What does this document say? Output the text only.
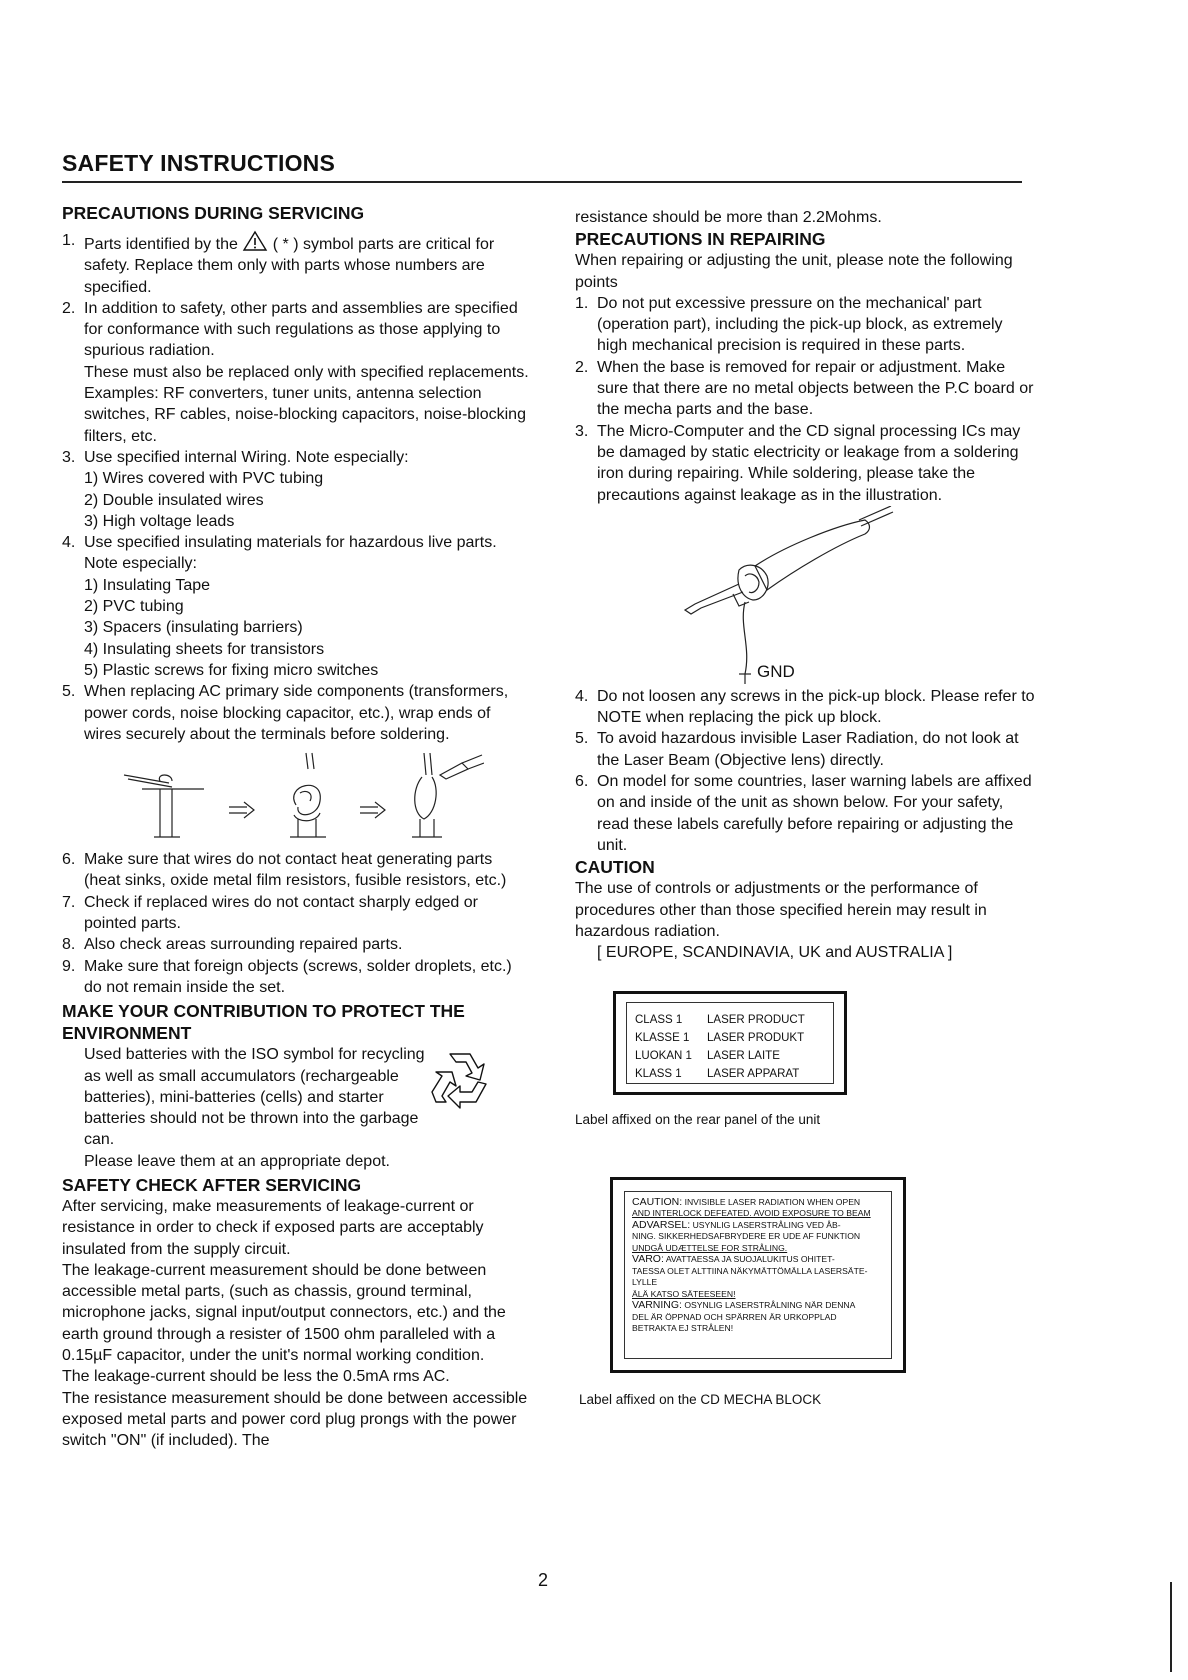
SAFETY INSTRUCTIONS
PRECAUTIONS DURING SERVICING
1. Parts identified by the ( * ) symbol parts are critical for safety. Replace them only with parts whose numbers are specified.
2. In addition to safety, other parts and assemblies are specified for conformance with such regulations as those applying to spurious radiation.
These must also be replaced only with specified replacements.
Examples: RF converters, tuner units, antenna selection switches, RF cables, noise-blocking capacitors, noise-blocking filters, etc.
3. Use specified internal Wiring. Note especially:
1) Wires covered with PVC tubing
2) Double insulated wires
3) High voltage leads
4. Use specified insulating materials for hazardous live parts. Note especially:
1) Insulating Tape
2) PVC tubing
3) Spacers (insulating barriers)
4) Insulating sheets for transistors
5) Plastic screws for fixing micro switches
5. When replacing AC primary side components (transformers, power cords, noise blocking capacitor, etc.), wrap ends of wires securely about the terminals before soldering.
6. Make sure that wires do not contact heat generating parts (heat sinks, oxide metal film resistors, fusible resistors, etc.)
7. Check if replaced wires do not contact sharply edged or pointed parts.
8. Also check areas surrounding repaired parts.
9. Make sure that foreign objects (screws, solder droplets, etc.) do not remain inside the set.
MAKE YOUR CONTRIBUTION TO PROTECT THE ENVIRONMENT
Used batteries with the ISO symbol for recycling as well as small accumulators (rechargeable batteries), mini-batteries (cells) and starter batteries should not be thrown into the garbage can.
Please leave them at an appropriate depot.
SAFETY CHECK AFTER SERVICING
After servicing, make measurements of leakage-current or resistance in order to check if exposed parts are acceptably insulated from the supply circuit.
The leakage-current measurement should be done between accessible metal parts, (such as chassis, ground terminal, microphone jacks, signal input/output connectors, etc.) and the earth ground through a resister of 1500 ohm paralleled with a 0.15µF capacitor, under the unit's normal working condition.
The leakage-current should be less the 0.5mA rms AC.
The resistance measurement should be done between accessible exposed metal parts and power cord plug prongs with the power switch "ON" (if included). The
resistance should be more than 2.2Mohms.
PRECAUTIONS IN REPAIRING
When repairing or adjusting the unit, please note the following points
1. Do not put excessive pressure on the mechanical' part (operation part), including the pick-up block, as extremely high mechanical precision is required in these parts.
2. When the base is removed for repair or adjustment. Make sure that there are no metal objects between the P.C board or the mecha parts and the base.
3. The Micro-Computer and the CD signal processing ICs may be damaged by static electricity or leakage from a soldering iron during repairing. While soldering, please take the precautions against leakage as in the illustration.
GND
4. Do not loosen any screws in the pick-up block. Please refer to NOTE when replacing the pick up block.
5. To avoid hazardous invisible Laser Radiation, do not look at the Laser Beam (Objective lens) directly.
6. On model for some countries, laser warning labels are affixed on and inside of the unit as shown below. For your safety, read these labels carefully before repairing or adjusting the unit.
CAUTION
The use of controls or adjustments or the performance of procedures other than those specified herein may result in hazardous radiation.
[ EUROPE, SCANDINAVIA, UK and AUSTRALIA ]
CLASS 1 LASER PRODUCT
KLASSE 1 LASER PRODUKT
LUOKAN 1 LASER LAITE
KLASS 1 LASER APPARAT
Label affixed on the rear panel of the unit
CAUTION: INVISIBLE LASER RADIATION WHEN OPEN
AND INTERLOCK DEFEATED. AVOID EXPOSURE TO BEAM
ADVARSEL: USYNLIG LASERSTRÅLING VED ÅB-
NING. SIKKERHEDSAFBRYDERE ER UDE AF FUNKTION
UNDGÅ UDÆTTELSE FOR STRÅLING.
VARO: AVATTAESSA JA SUOJALUKITUS OHITET-
TAESSA OLET ALTTIINA NÄKYMÄTTÖMÄLLA LASERSÄTE-
LYLLE
ÄLÄ KATSO SÄTEESEEN!
VARNING: OSYNLIG LASERSTRÅLNING NÄR DENNA
DEL ÄR ÖPPNAD OCH SPÄRREN ÄR URKOPPLAD
BETRAKTA EJ STRÅLEN!
Label affixed on the CD MECHA BLOCK
2
